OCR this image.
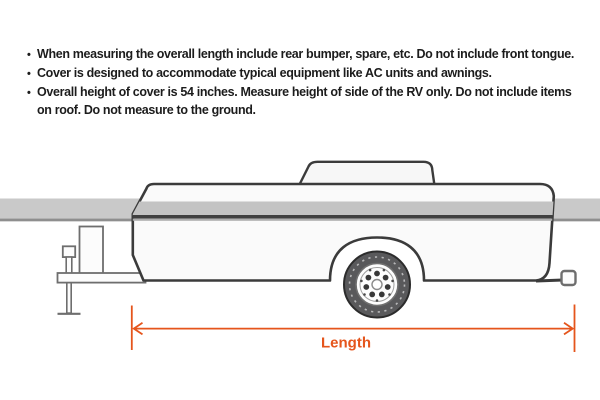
• When measuring the overall length include rear bumper, spare, etc. Do not include front tongue.
• Cover is designed to accommodate typical equipment like AC units and awnings.
• Overall height of cover is 54 inches. Measure height of side of the RV only. Do not include items on roof. Do not measure to the ground.
Length
